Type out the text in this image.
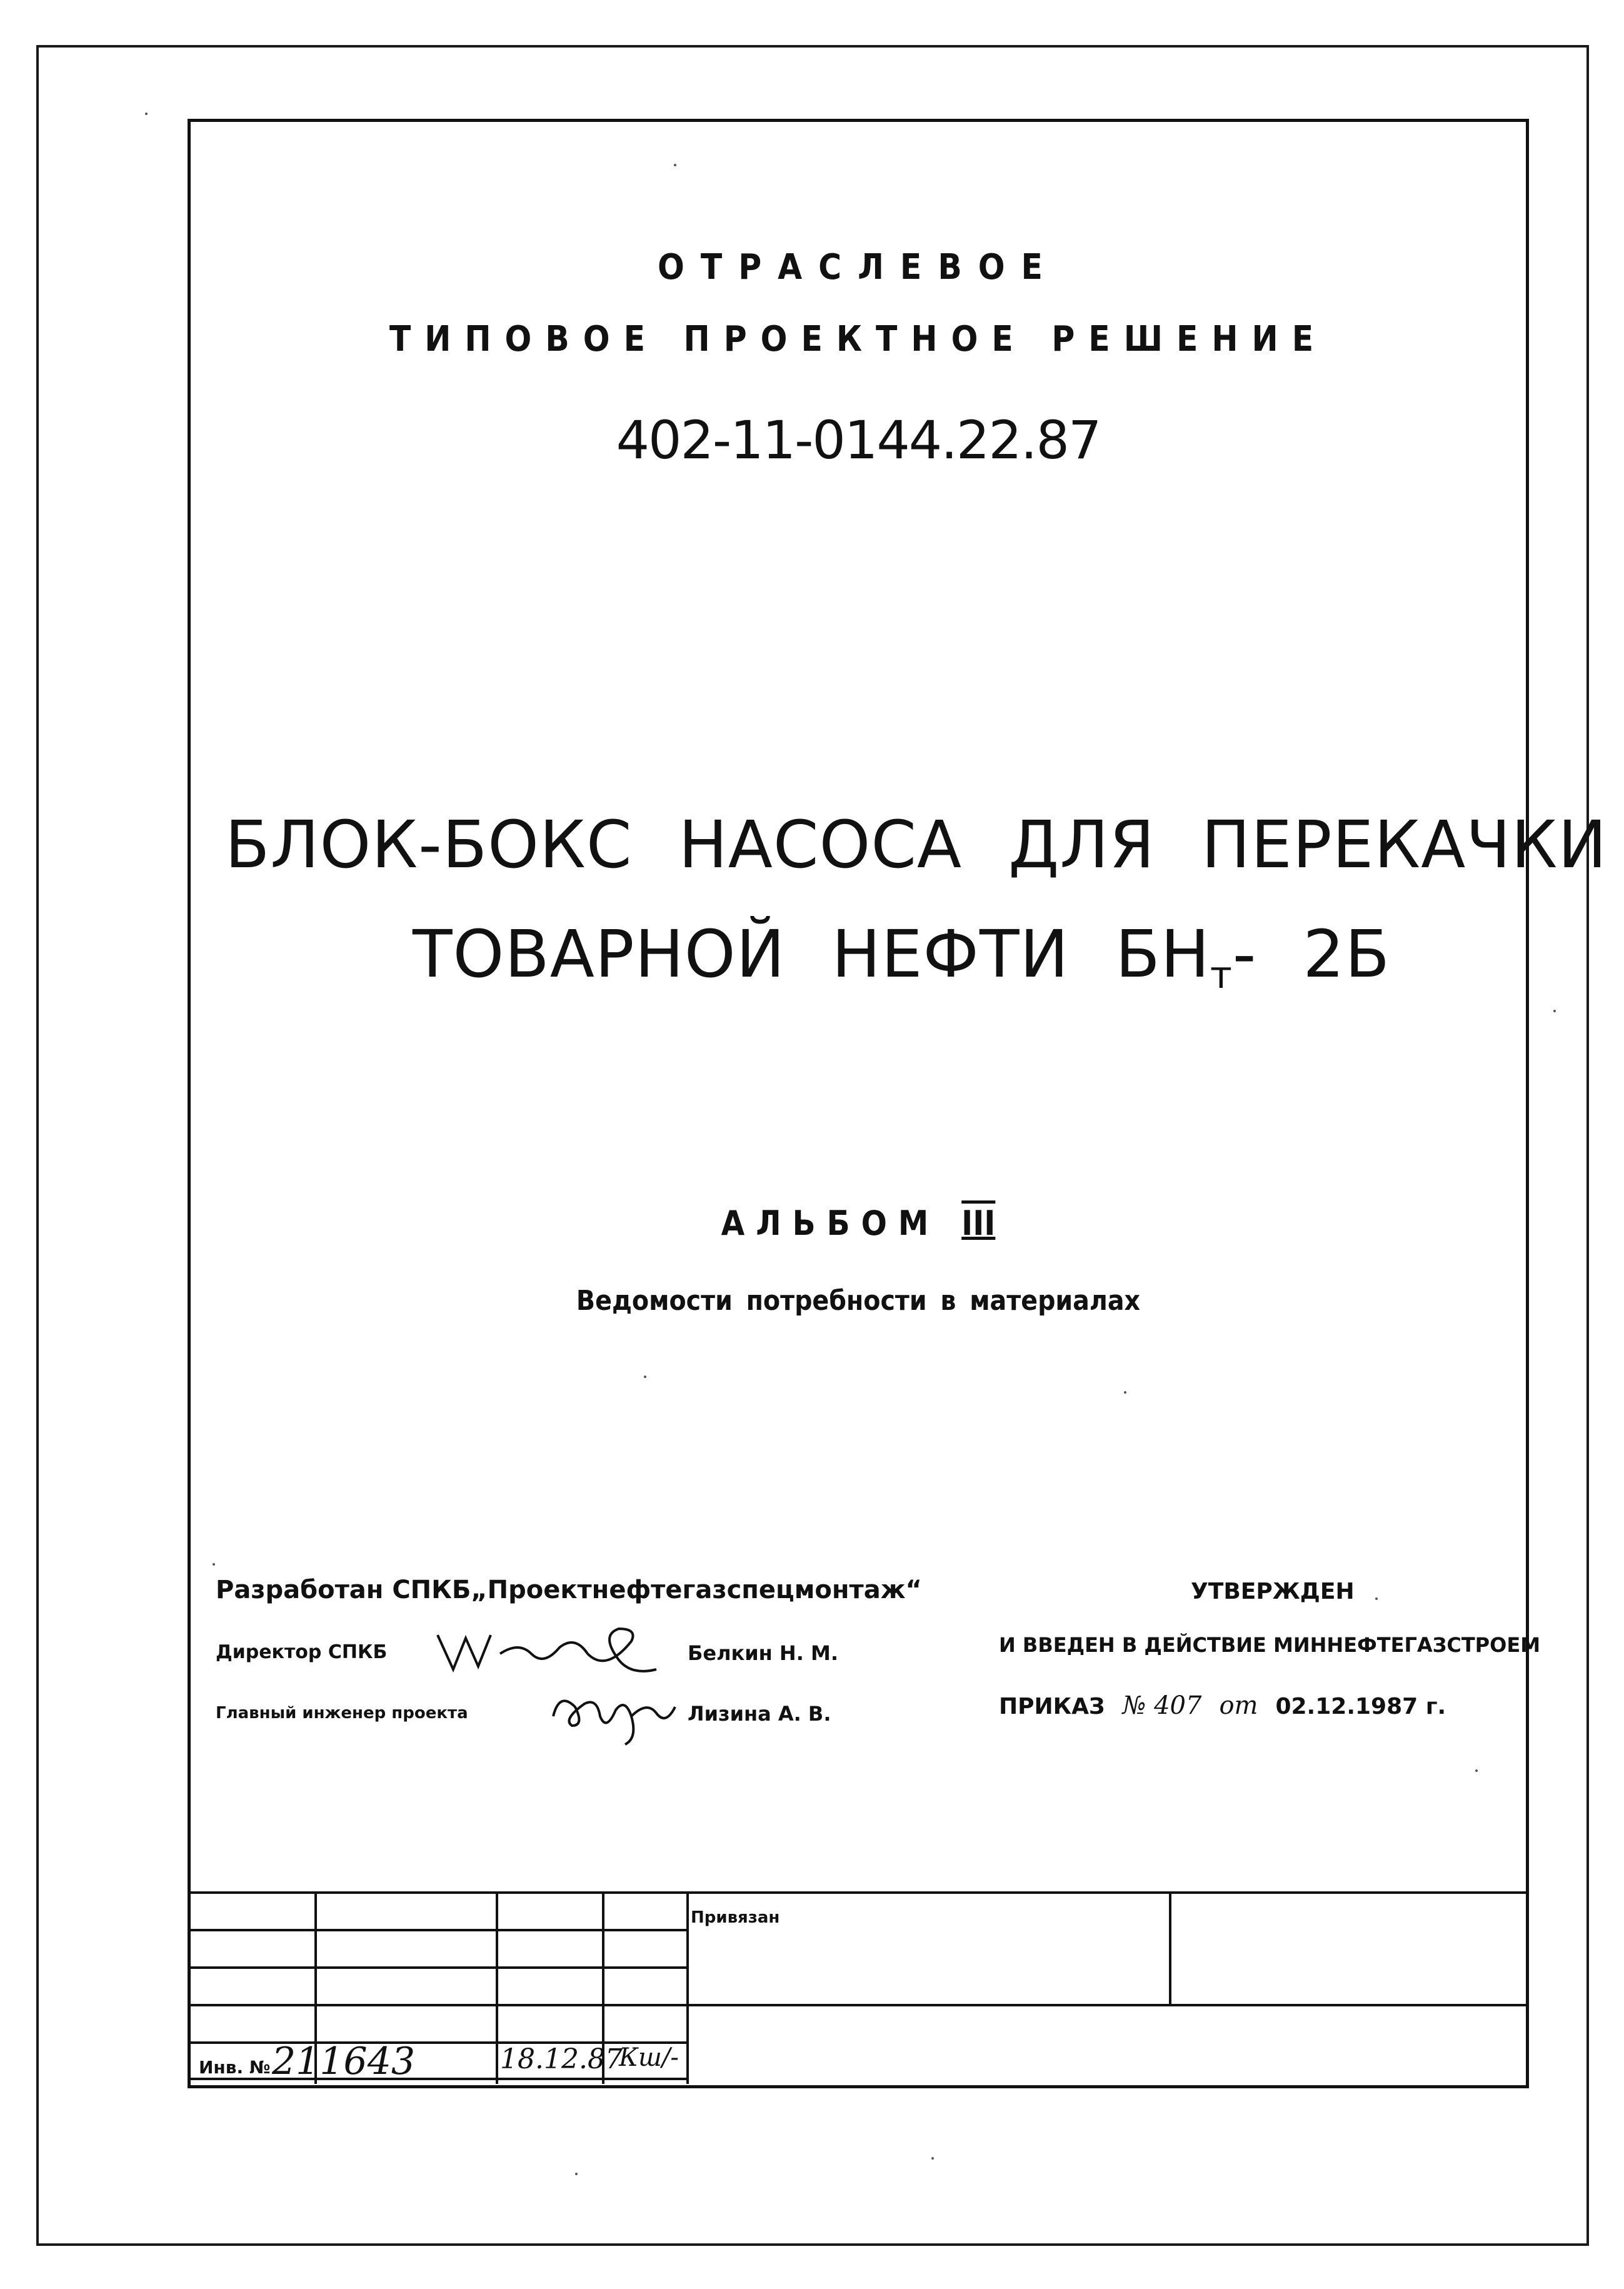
ОТРАСЛЕВОЕ
ТИПОВОЕ ПРОЕКТНОЕ РЕШЕНИЕ
402-11-0144.22.87
БЛОК-БОКС НАСОСА ДЛЯ ПЕРЕКАЧКИ
ТОВАРНОЙ НЕФТИ $БН_т-$ 2Б
АЛЬБОМ III
Ведомости потребности в материалах
Разработан СПКБ„Проектнефтегазспецмонтаж“
Директор СПКБ	Белкин Н. М.
Главный инженер проекта	Лизина А. В.
УТВЕРЖДЕН
И ВВЕДЕН В ДЕЙСТВИЕ МИННЕФТЕГАЗСТРОЕМ
ПРИКАЗ № 407 от 02.12.1987 г.
Привязан
Инв. № 211643	18.12.87
Кш/-
